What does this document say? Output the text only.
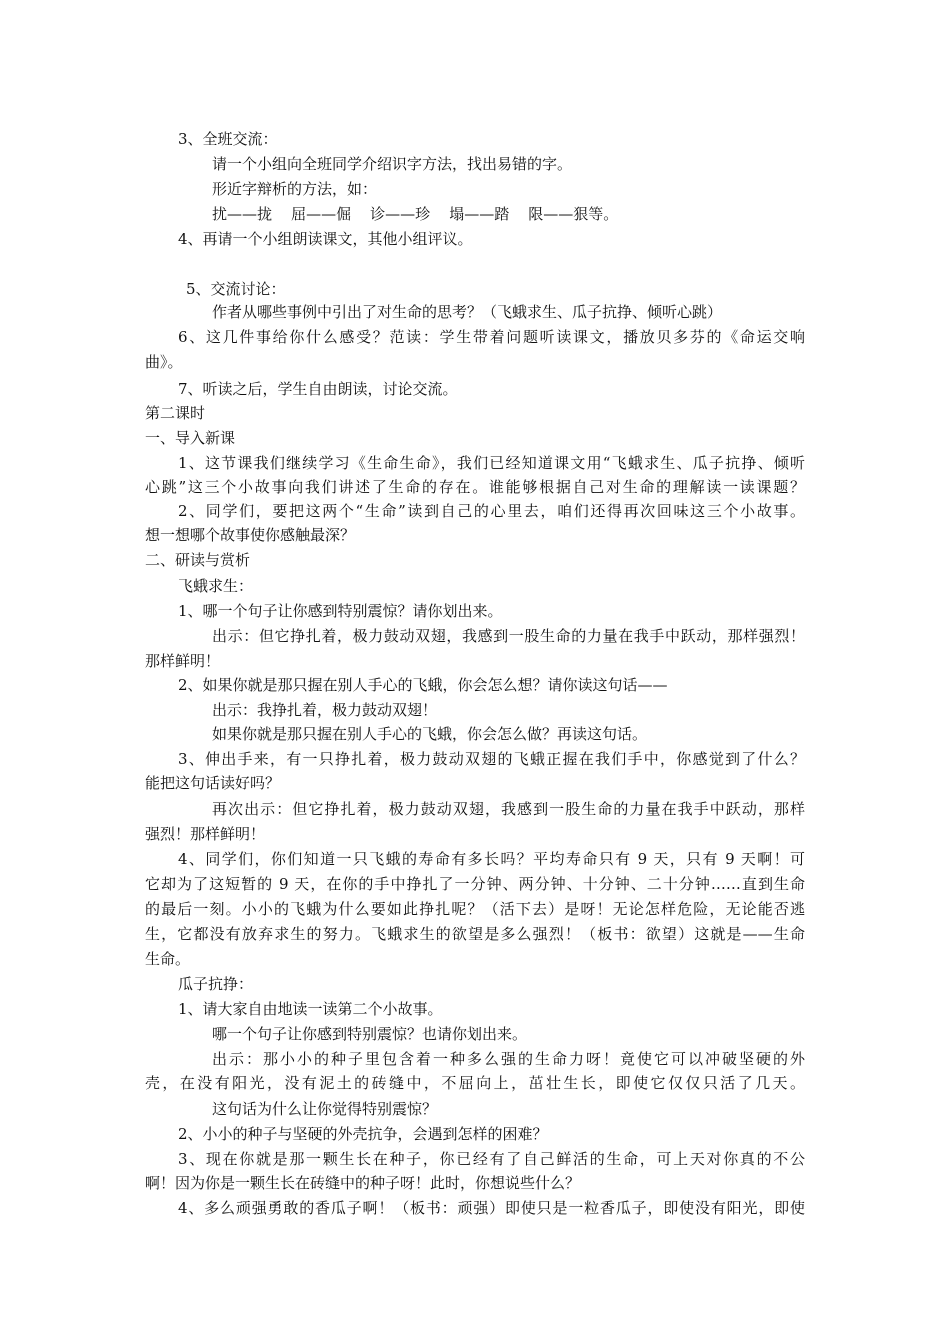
3、全班交流：
请一个小组向全班同学介绍识字方法，找出易错的字。
形近字辩析的方法，如：
扰——拢    屈——倔    诊——珍    塌——踏    限——狠等。
4、再请一个小组朗读课文，其他小组评议。
5、交流讨论：
作者从哪些事例中引出了对生命的思考？（飞蛾求生、瓜子抗挣、倾听心跳）
6、这几件事给你什么感受？范读：学生带着问题听读课文，播放贝多芬的《命运交响
曲》。
7、听读之后，学生自由朗读，讨论交流。
第二课时
一、导入新课
1、这节课我们继续学习《生命生命》，我们已经知道课文用“飞蛾求生、瓜子抗挣、倾听
心跳”这三个小故事向我们讲述了生命的存在。谁能够根据自己对生命的理解读一读课题？
2、同学们，要把这两个“生命”读到自己的心里去，咱们还得再次回味这三个小故事。
想一想哪个故事使你感触最深？
二、研读与赏析
飞蛾求生：
1、哪一个句子让你感到特别震惊？请你划出来。
出示：但它挣扎着，极力鼓动双翅，我感到一股生命的力量在我手中跃动，那样强烈！
那样鲜明！
2、如果你就是那只握在别人手心的飞蛾，你会怎么想？请你读这句话——
出示：我挣扎着，极力鼓动双翅！
如果你就是那只握在别人手心的飞蛾，你会怎么做？再读这句话。
3、伸出手来，有一只挣扎着，极力鼓动双翅的飞蛾正握在我们手中，你感觉到了什么？
能把这句话读好吗？
再次出示：但它挣扎着，极力鼓动双翅，我感到一股生命的力量在我手中跃动，那样
强烈！那样鲜明！
4、同学们，你们知道一只飞蛾的寿命有多长吗？平均寿命只有 9 天，只有 9 天啊！可
它却为了这短暂的 9 天，在你的手中挣扎了一分钟、两分钟、十分钟、二十分钟……直到生命
的最后一刻。小小的飞蛾为什么要如此挣扎呢？（活下去）是呀！无论怎样危险，无论能否逃
生，它都没有放弃求生的努力。飞蛾求生的欲望是多么强烈！（板书：欲望）这就是——生命
生命。
瓜子抗挣：
1、请大家自由地读一读第二个小故事。
哪一个句子让你感到特别震惊？也请你划出来。
出示：那小小的种子里包含着一种多么强的生命力呀！竟使它可以冲破坚硬的外
壳，在没有阳光，没有泥土的砖缝中，不屈向上，茁壮生长，即使它仅仅只活了几天。
这句话为什么让你觉得特别震惊？
2、小小的种子与坚硬的外壳抗争，会遇到怎样的困难？
3、现在你就是那一颗生长在种子，你已经有了自己鲜活的生命，可上天对你真的不公
啊！因为你是一颗生长在砖缝中的种子呀！此时，你想说些什么？
4、多么顽强勇敢的香瓜子啊！（板书：顽强）即使只是一粒香瓜子，即使没有阳光，即使
